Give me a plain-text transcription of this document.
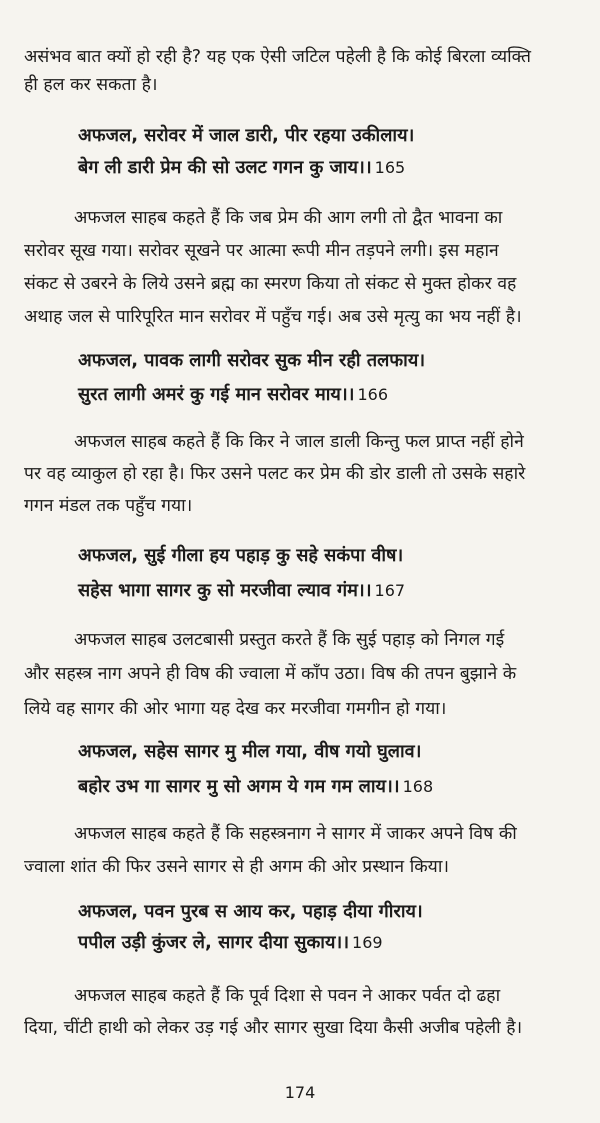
असंभव बात क्यों हो रही है? यह एक ऐसी जटिल पहेली है कि कोई बिरला व्यक्ति
ही हल कर सकता है।
अफजल, सरोवर में जाल डारी, पीर रहया उकीलाय।
बेग ली डारी प्रेम की सो उलट गगन कु जाय।। 165
अफजल साहब कहते हैं कि जब प्रेम की आग लगी तो द्वैत भावना का
सरोवर सूख गया। सरोवर सूखने पर आत्मा रूपी मीन तड़पने लगी। इस महान
संकट से उबरने के लिये उसने ब्रह्म का स्मरण किया तो संकट से मुक्त होकर वह
अथाह जल से पारिपूरित मान सरोवर में पहुँच गई। अब उसे मृत्यु का भय नहीं है।
अफजल, पावक लागी सरोवर सुक मीन रही तलफाय।
सुरत लागी अमरं कु गई मान सरोवर माय।। 166
अफजल साहब कहते हैं कि किर ने जाल डाली किन्तु फल प्राप्त नहीं होने
पर वह व्याकुल हो रहा है। फिर उसने पलट कर प्रेम की डोर डाली तो उसके सहारे
गगन मंडल तक पहुँच गया।
अफजल, सुई गीला हय पहाड़ कु सहे सकंपा वीष।
सहेस भागा सागर कु सो मरजीवा ल्याव गंम।। 167
अफजल साहब उलटबासी प्रस्तुत करते हैं कि सुई पहाड़ को निगल गई
और सहस्त्र नाग अपने ही विष की ज्वाला में काँप उठा। विष की तपन बुझाने के
लिये वह सागर की ओर भागा यह देख कर मरजीवा गमगीन हो गया।
अफजल, सहेस सागर मु मील गया, वीष गयो घुलाव।
बहोर उभ गा सागर मु सो अगम ये गम गम लाय।। 168
अफजल साहब कहते हैं कि सहस्त्रनाग ने सागर में जाकर अपने विष की
ज्वाला शांत की फिर उसने सागर से ही अगम की ओर प्रस्थान किया।
अफजल, पवन पुरब स आय कर, पहाड़ दीया गीराय।
पपील उड़ी कुंजर ले, सागर दीया सुकाय।। 169
अफजल साहब कहते हैं कि पूर्व दिशा से पवन ने आकर पर्वत दो ढहा
दिया, चींटी हाथी को लेकर उड़ गई और सागर सुखा दिया कैसी अजीब पहेली है।
174
